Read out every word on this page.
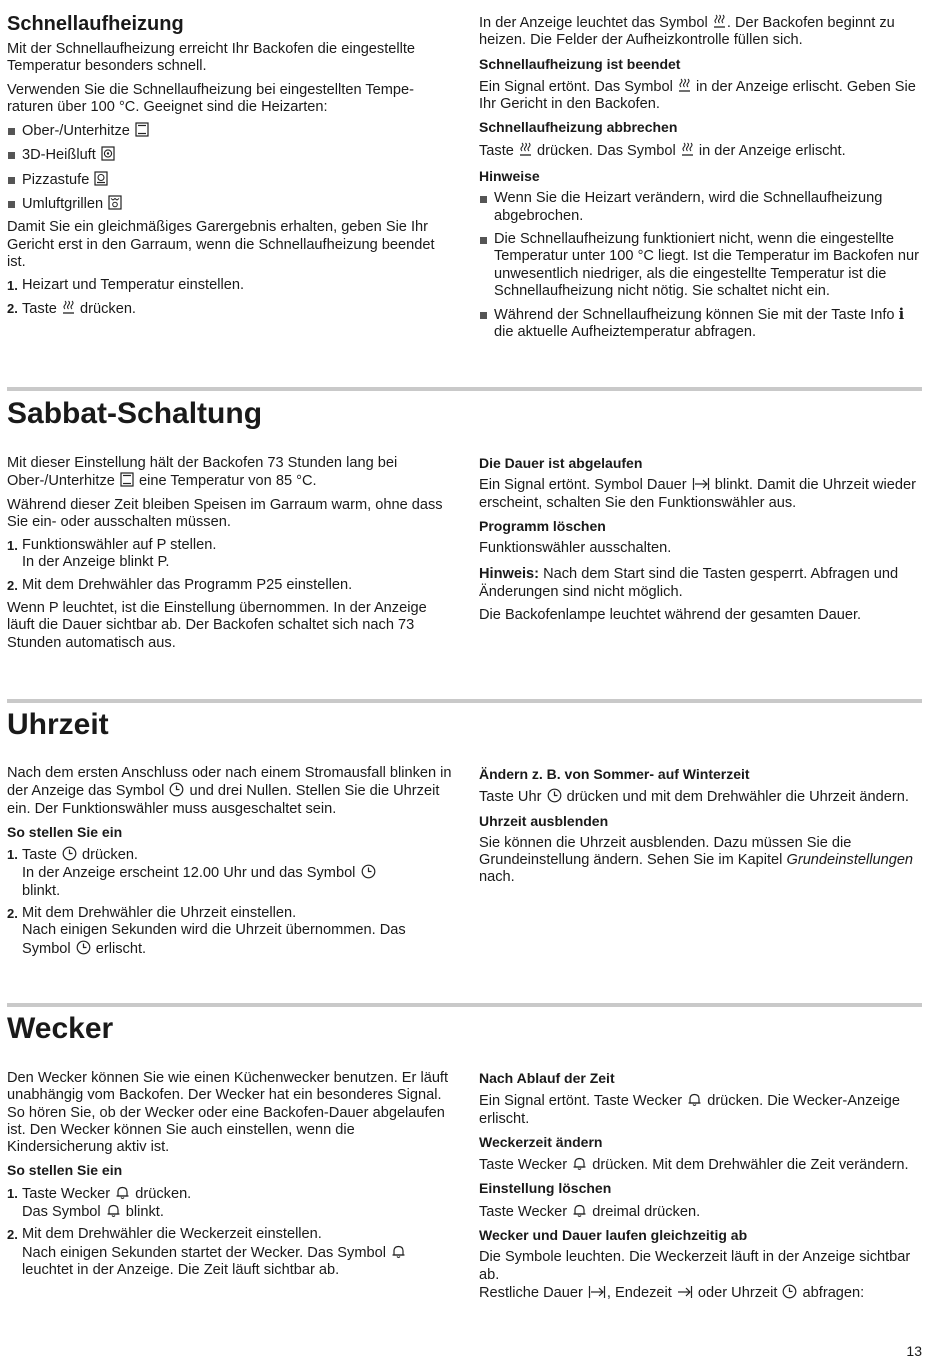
Schnellaufheizung

Mit der Schnellaufheizung erreicht Ihr Backofen die eingestellte Temperatur besonders schnell.

Verwenden Sie die Schnellaufheizung bei eingestellten Temperaturen über 100 °C. Geeignet sind die Heizarten:

Ober-/Unterhitze
3D-Heißluft
Pizzastufe
Umluftgrillen

Damit Sie ein gleichmäßiges Garergebnis erhalten, geben Sie Ihr Gericht erst in den Garraum, wenn die Schnellaufheizung beendet ist.

1. Heizart und Temperatur einstellen.
2. Taste drücken.

In der Anzeige leuchtet das Symbol . Der Backofen beginnt zu heizen. Die Felder der Aufheizkontrolle füllen sich.

Schnellaufheizung ist beendet

Ein Signal ertönt. Das Symbol in der Anzeige erlischt. Geben Sie Ihr Gericht in den Backofen.

Schnellaufheizung abbrechen

Taste drücken. Das Symbol in der Anzeige erlischt.

Hinweise

Wenn Sie die Heizart verändern, wird die Schnellaufheizung abgebrochen.
Die Schnellaufheizung funktioniert nicht, wenn die eingestellte Temperatur unter 100 °C liegt. Ist die Temperatur im Backofen nur unwesentlich niedriger, als die eingestellte Temperatur ist die Schnellaufheizung nicht nötig. Sie schaltet nicht ein.
Während der Schnellaufheizung können Sie mit der Taste Info i die aktuelle Aufheiztemperatur abfragen.
Sabbat-Schaltung

Mit dieser Einstellung hält der Backofen 73 Stunden lang bei Ober-/Unterhitze eine Temperatur von 85 °C.

Während dieser Zeit bleiben Speisen im Garraum warm, ohne dass Sie ein- oder ausschalten müssen.

1. Funktionswähler auf P stellen.
In der Anzeige blinkt P.
2. Mit dem Drehwähler das Programm P25 einstellen.

Wenn P leuchtet, ist die Einstellung übernommen. In der Anzeige läuft die Dauer sichtbar ab. Der Backofen schaltet sich nach 73 Stunden automatisch aus.

Die Dauer ist abgelaufen

Ein Signal ertönt. Symbol Dauer blinkt. Damit die Uhrzeit wieder erscheint, schalten Sie den Funktionswähler aus.

Programm löschen

Funktionswähler ausschalten.

Hinweis: Nach dem Start sind die Tasten gesperrt. Abfragen und Änderungen sind nicht möglich.

Die Backofenlampe leuchtet während der gesamten Dauer.

Uhrzeit

Nach dem ersten Anschluss oder nach einem Stromausfall blinken in der Anzeige das Symbol und drei Nullen. Stellen Sie die Uhrzeit ein. Der Funktionswähler muss ausgeschaltet sein.

So stellen Sie ein

1. Taste drücken.
In der Anzeige erscheint 12.00 Uhr und das Symbol
blinkt.
2. Mit dem Drehwähler die Uhrzeit einstellen.
Nach einigen Sekunden wird die Uhrzeit übernommen. Das Symbol erlischt.

Ändern z. B. von Sommer- auf Winterzeit

Taste Uhr drücken und mit dem Drehwähler die Uhrzeit ändern.

Uhrzeit ausblenden

Sie können die Uhrzeit ausblenden. Dazu müssen Sie die Grundeinstellung ändern. Sehen Sie im Kapitel Grundeinstellungen nach.

Wecker

Den Wecker können Sie wie einen Küchenwecker benutzen. Er läuft unabhängig vom Backofen. Der Wecker hat ein besonderes Signal. So hören Sie, ob der Wecker oder eine Backofen-Dauer abgelaufen ist. Den Wecker können Sie auch einstellen, wenn die Kindersicherung aktiv ist.

So stellen Sie ein

1. Taste Wecker drücken.
Das Symbol blinkt.
2. Mit dem Drehwähler die Weckerzeit einstellen.
Nach einigen Sekunden startet der Wecker. Das Symbol  leuchtet in der Anzeige. Die Zeit läuft sichtbar ab.

Nach Ablauf der Zeit

Ein Signal ertönt. Taste Wecker drücken. Die Wecker-Anzeige erlischt.

Weckerzeit ändern

Taste Wecker drücken. Mit dem Drehwähler die Zeit verändern.

Einstellung löschen

Taste Wecker dreimal drücken.

Wecker und Dauer laufen gleichzeitig ab

Die Symbole leuchten. Die Weckerzeit läuft in der Anzeige sichtbar ab.

Restliche Dauer , Endezeit oder Uhrzeit abfragen:

13
